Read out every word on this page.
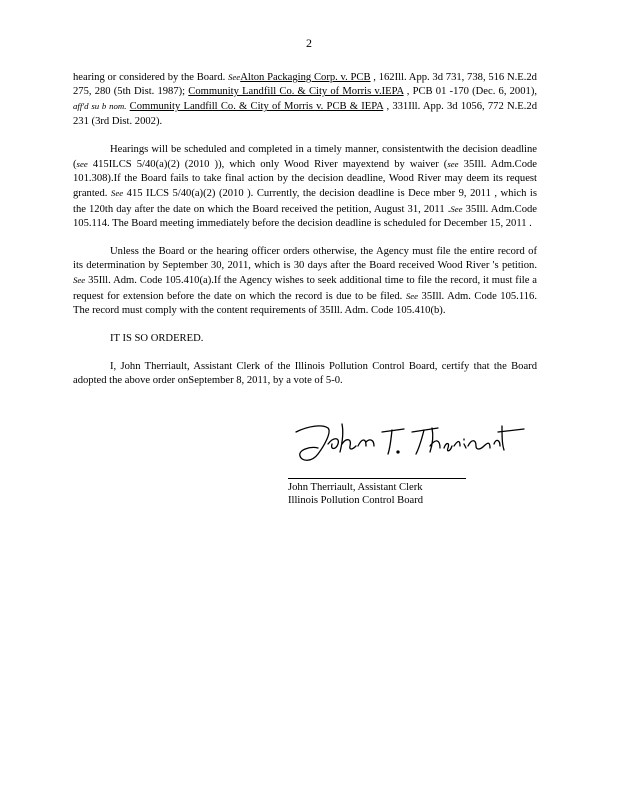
2

hearing or considered by the Board. SeeAlton Packaging Corp. v. PCB , 162Ill. App. 3d 731, 738, 516 N.E.2d 275, 280 (5th Dist. 1987); Community Landfill Co. & City of Morris v.IEPA , PCB 01 -170 (Dec. 6, 2001), aff'd su b nom. Community Landfill Co. & City of Morris v. PCB & IEPA , 331Ill. App. 3d 1056, 772 N.E.2d 231 (3rd Dist. 2002).

Hearings will be scheduled and completed in a timely manner, consistentwith the decision deadline (see 415ILCS 5/40(a)(2) (2010 )), which only Wood River mayextend by waiver (see 35Ill. Adm.Code 101.308).If the Board fails to take final action by the decision deadline, Wood River may deem its request granted. See 415 ILCS 5/40(a)(2) (2010 ). Currently, the decision deadline is Dece mber 9, 2011 , which is the 120th day after the date on which the Board received the petition, August 31, 2011 .See 35Ill. Adm.Code 105.114. The Board meeting immediately before the decision deadline is scheduled for December 15, 2011 .

Unless the Board or the hearing officer orders otherwise, the Agency must file the entire record of its determination by September 30, 2011, which is 30 days after the Board received Wood River 's petition. See 35Ill. Adm. Code 105.410(a).If the Agency wishes to seek additional time to file the record, it must file a request for extension before the date on which the record is due to be filed. See 35Ill. Adm. Code 105.116. The record must comply with the content requirements of 35Ill. Adm. Code 105.410(b).

IT IS SO ORDERED.

I, John Therriault, Assistant Clerk of the Illinois Pollution Control Board, certify that the Board adopted the above order onSeptember 8, 2011, by a vote of 5-0.

John Therriault, Assistant Clerk
Illinois Pollution Control Board
